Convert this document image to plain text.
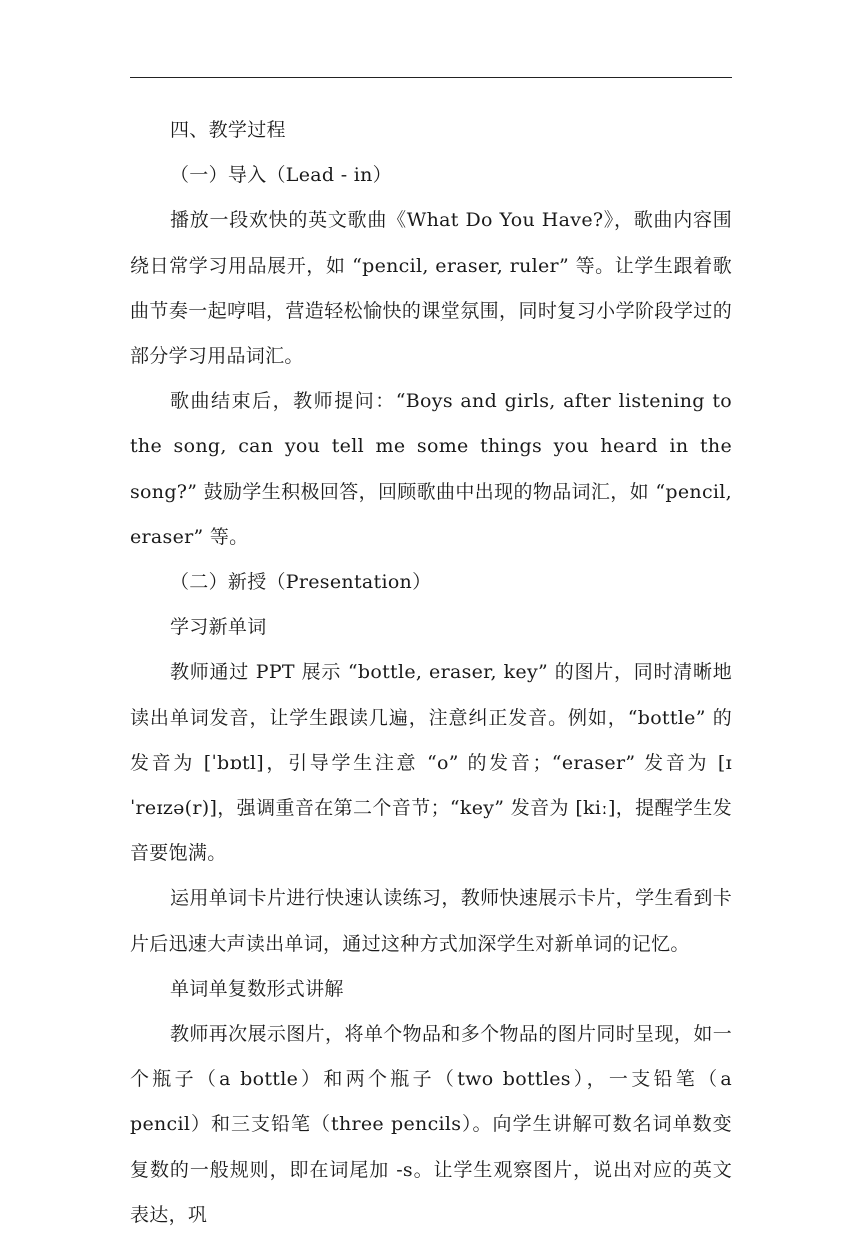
四、教学过程

（一）导入（Lead - in）

播放一段欢快的英文歌曲《What Do You Have?》，歌曲内容围绕日常学习用品展开，如 “pencil, eraser, ruler” 等。让学生跟着歌曲节奏一起哼唱，营造轻松愉快的课堂氛围，同时复习小学阶段学过的部分学习用品词汇。

歌曲结束后，教师提问：“Boys and girls, after listening to the song, can you tell me some things you heard in the song?” 鼓励学生积极回答，回顾歌曲中出现的物品词汇，如 “pencil, eraser” 等。

（二）新授（Presentation）

学习新单词

教师通过 PPT 展示 “bottle, eraser, key” 的图片，同时清晰地读出单词发音，让学生跟读几遍，注意纠正发音。例如，“bottle” 的发音为 [ˈbɒtl]，引导学生注意 “o” 的发音；“eraser” 发音为 [ɪˈreɪzə(r)]，强调重音在第二个音节；“key” 发音为 [kiː]，提醒学生发音要饱满。

运用单词卡片进行快速认读练习，教师快速展示卡片，学生看到卡片后迅速大声读出单词，通过这种方式加深学生对新单词的记忆。

单词单复数形式讲解

教师再次展示图片，将单个物品和多个物品的图片同时呈现，如一个瓶子（a bottle）和两个瓶子（two bottles），一支铅笔（a pencil）和三支铅笔（three pencils）。向学生讲解可数名词单数变复数的一般规则，即在词尾加 -s。让学生观察图片，说出对应的英文表达，巩
